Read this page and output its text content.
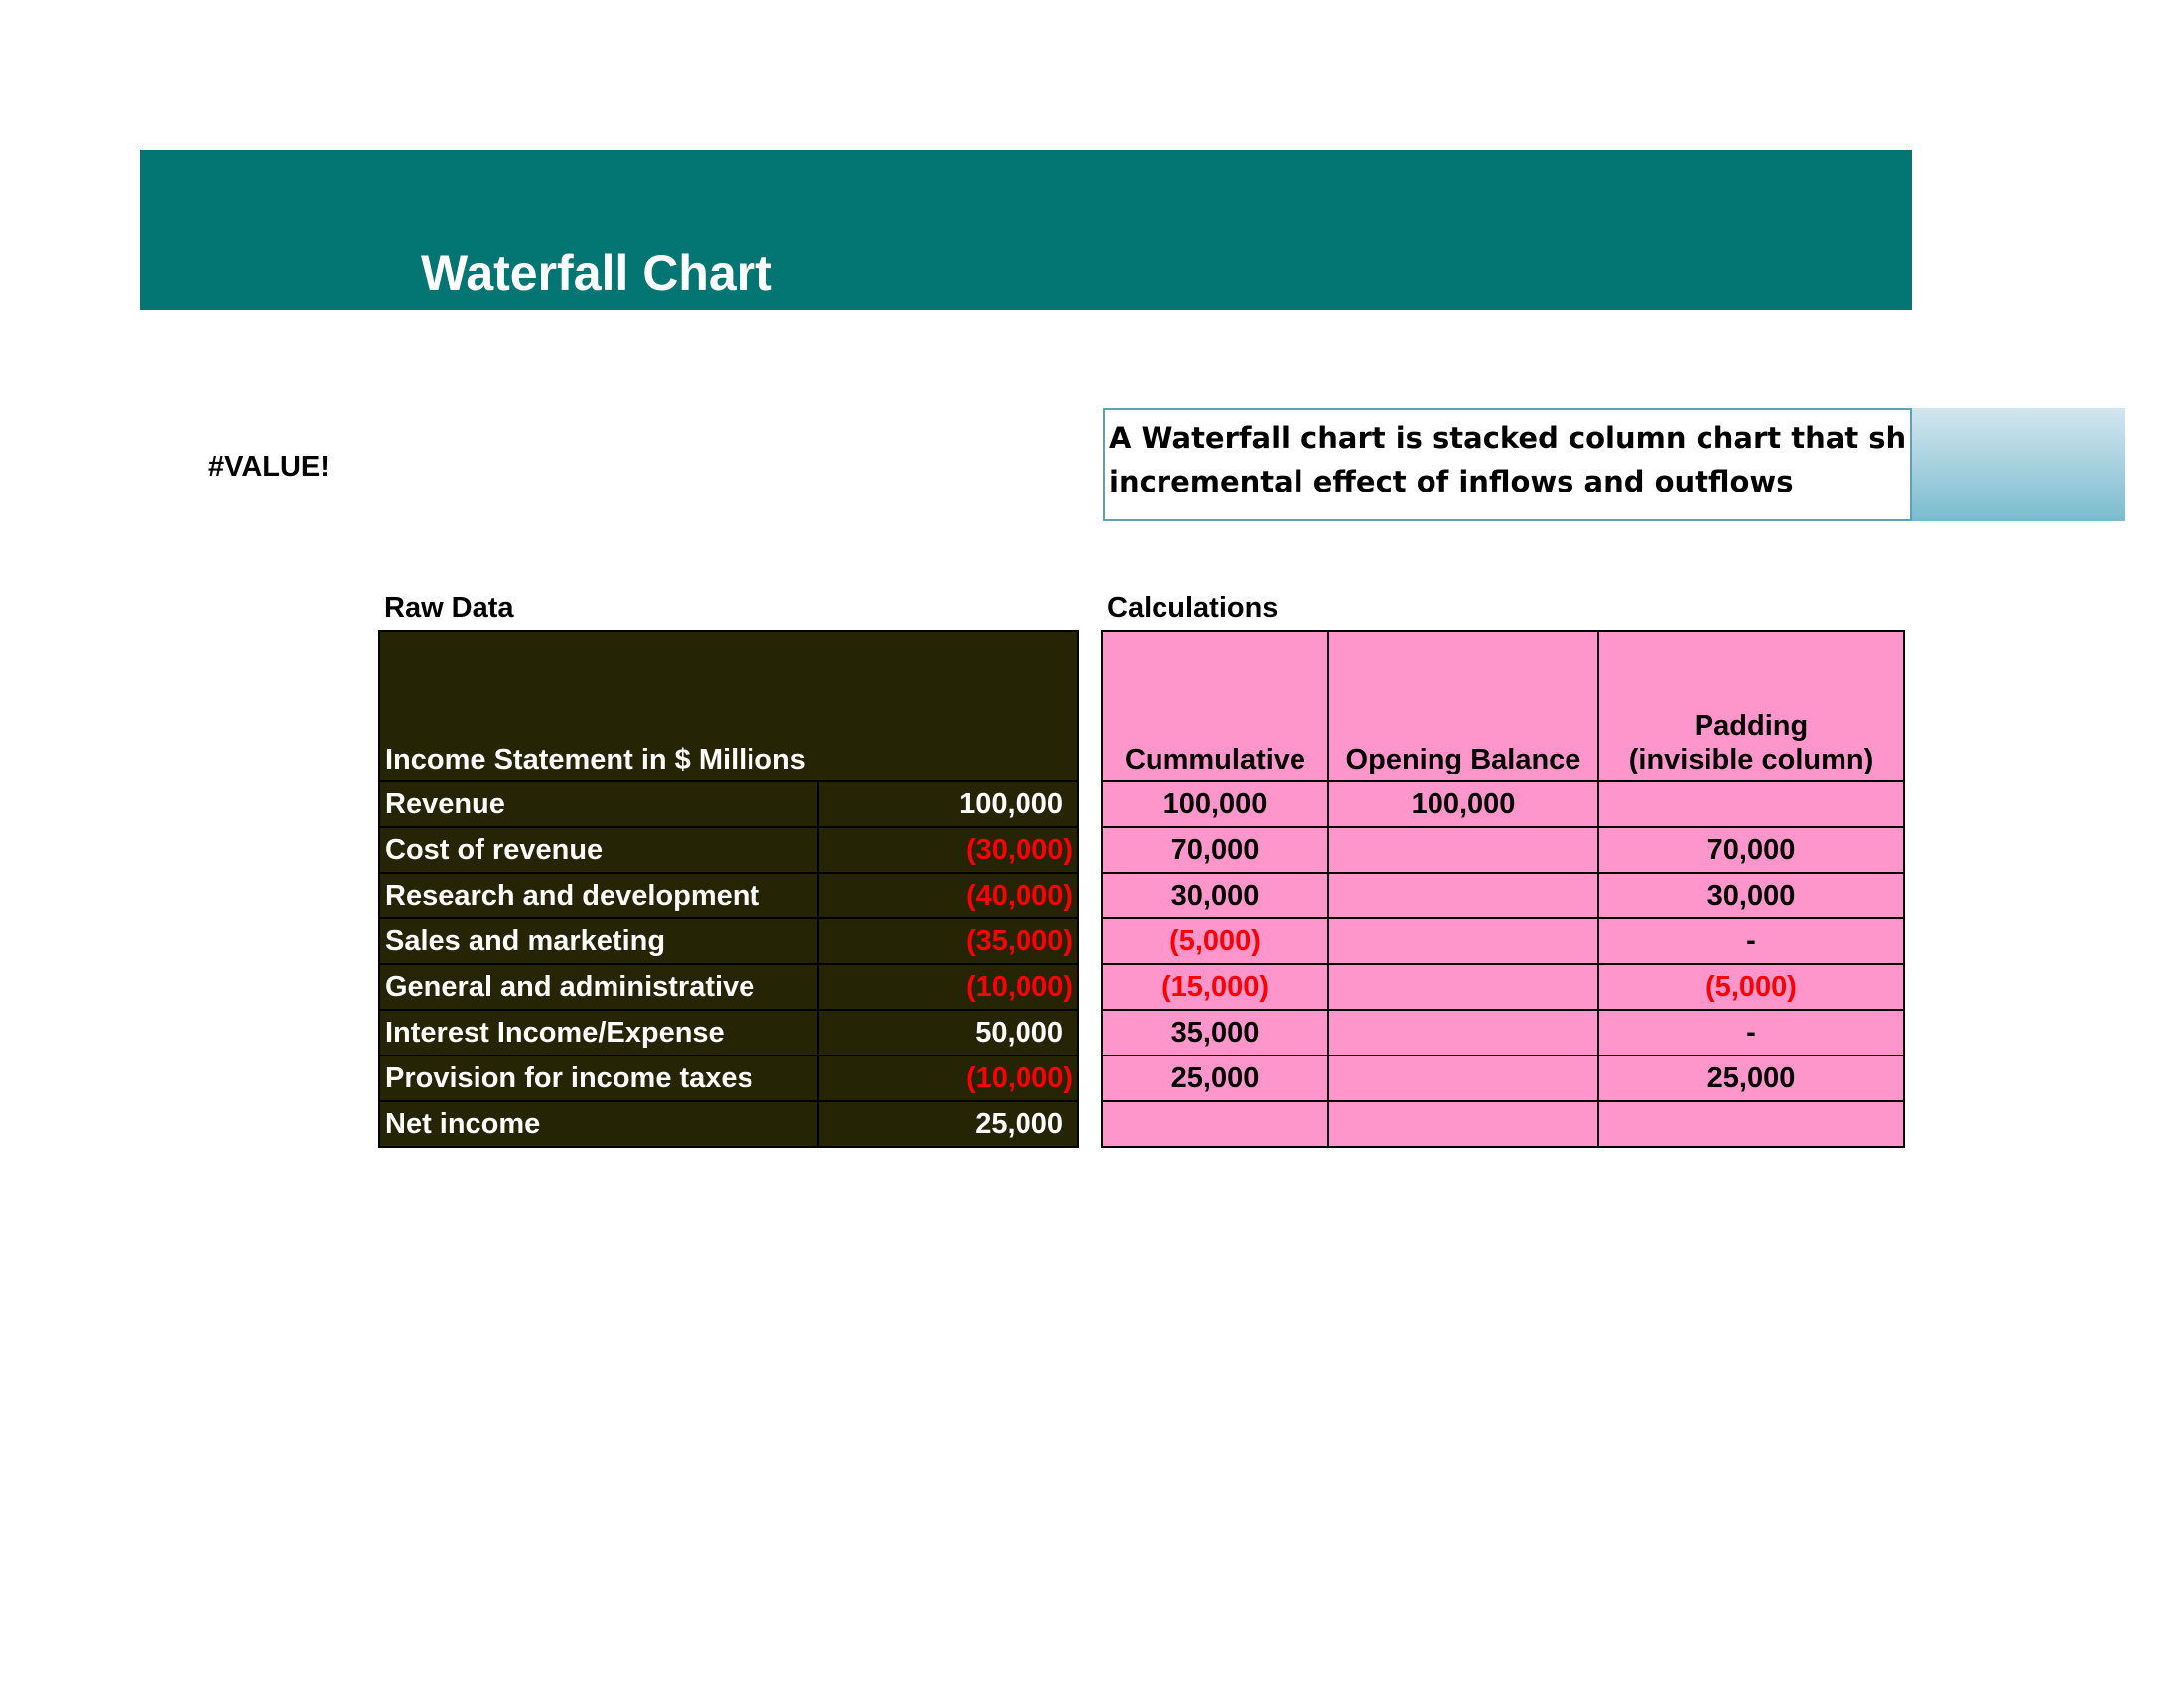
Waterfall Chart
#VALUE!
A Waterfall chart is stacked column chart that sh
incremental effect of inflows and outflows
Raw Data	Calculations
Income Statement in $ Millions	
Revenue	100,000
Cost of revenue	(30,000)
Research and development	(40,000)
Sales and marketing	(35,000)
General and administrative	(10,000)
Interest Income/Expense	50,000
Provision for income taxes	(10,000)
Net income	25,000
Cummulative	Opening Balance	Padding
(invisible column)

100,000	100,000	
70,000		70,000
30,000		30,000
(5,000)		-
(15,000)		(5,000)
35,000		-
25,000		25,000
